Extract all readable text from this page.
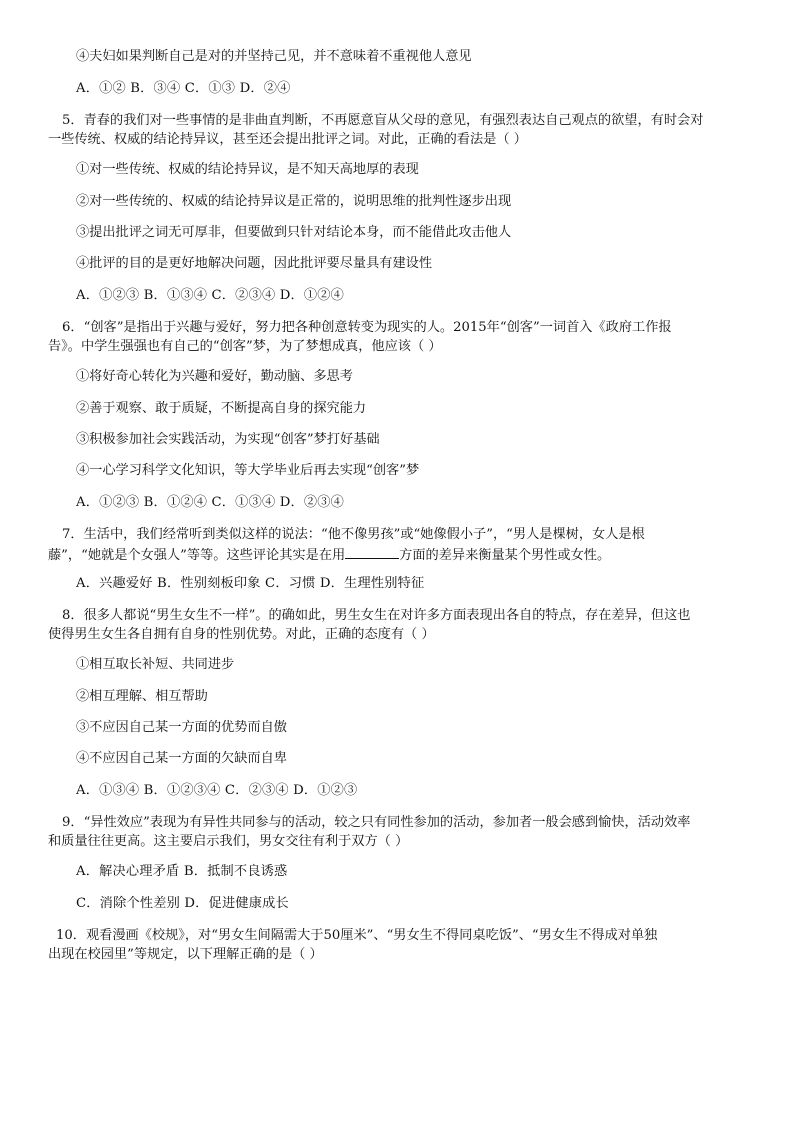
④夫妇如果判断自己是对的并坚持己见，并不意味着不重视他人意见
A．①② B．③④ C．①③ D．②④
5．青春的我们对一些事情的是非曲直判断，不再愿意盲从父母的意见，有强烈表达自己观点的欲望，有时会对
一些传统、权威的结论持异议，甚至还会提出批评之词。对此，正确的看法是（ ）
①对一些传统、权威的结论持异议，是不知天高地厚的表现
②对一些传统的、权威的结论持异议是正常的，说明思维的批判性逐步出现
③提出批评之词无可厚非，但要做到只针对结论本身，而不能借此攻击他人
④批评的目的是更好地解决问题，因此批评要尽量具有建设性
A．①②③ B．①③④ C．②③④ D．①②④
6．“创客”是指出于兴趣与爱好，努力把各种创意转变为现实的人。2015年“创客”一词首入《政府工作报
告》。中学生强强也有自己的“创客”梦，为了梦想成真，他应该（ ）
①将好奇心转化为兴趣和爱好，勤动脑、多思考
②善于观察、敢于质疑，不断提高自身的探究能力
③积极参加社会实践活动，为实现“创客”梦打好基础
④一心学习科学文化知识，等大学毕业后再去实现“创客”梦
A．①②③ B．①②④ C．①③④ D．②③④
7．生活中，我们经常听到类似这样的说法：“他不像男孩”或“她像假小子”，“男人是棵树，女人是根
藤”，“她就是个女强人”等等。这些评论其实是在用	方面的差异来衡量某个男性或女性。
A．兴趣爱好 B．性别刻板印象 C．习惯 D．生理性别特征
8．很多人都说“男生女生不一样”。的确如此，男生女生在对许多方面表现出各自的特点，存在差异，但这也
使得男生女生各自拥有自身的性别优势。对此，正确的态度有（ ）
①相互取长补短、共同进步
②相互理解、相互帮助
③不应因自己某一方面的优势而自傲
④不应因自己某一方面的欠缺而自卑
A．①③④ B．①②③④ C．②③④ D．①②③
9．“异性效应”表现为有异性共同参与的活动，较之只有同性参加的活动，参加者一般会感到愉快，活动效率
和质量往往更高。这主要启示我们，男女交往有利于双方（ ）
A．解决心理矛盾 B．抵制不良诱惑
C．消除个性差别 D．促进健康成长
10．观看漫画《校规》，对“男女生间隔需大于50厘米”、“男女生不得同桌吃饭”、“男女生不得成对单独
出现在校园里”等规定，以下理解正确的是（ ）
